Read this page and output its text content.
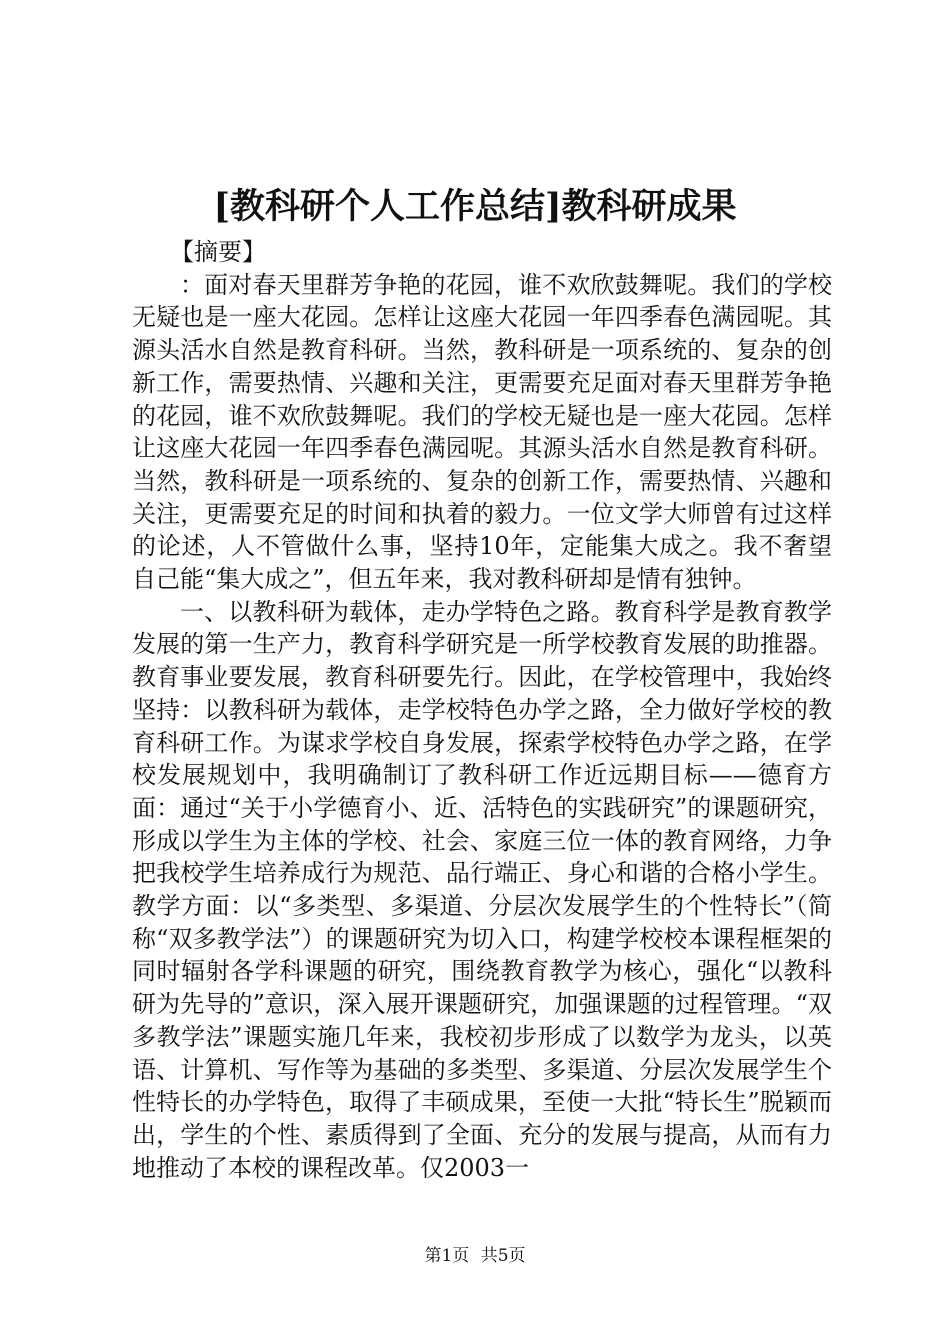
[教科研个人工作总结]教科研成果

【摘要】

：面对春天里群芳争艳的花园，谁不欢欣鼓舞呢。我们的学校无疑也是一座大花园。怎样让这座大花园一年四季春色满园呢。其源头活水自然是教育科研。当然，教科研是一项系统的、复杂的创新工作，需要热情、兴趣和关注，更需要充足面对春天里群芳争艳的花园，谁不欢欣鼓舞呢。我们的学校无疑也是一座大花园。怎样让这座大花园一年四季春色满园呢。其源头活水自然是教育科研。当然，教科研是一项系统的、复杂的创新工作，需要热情、兴趣和关注，更需要充足的时间和执着的毅力。一位文学大师曾有过这样的论述，人不管做什么事，坚持10年，定能集大成之。我不奢望自己能“集大成之”，但五年来，我对教科研却是情有独钟。

一、以教科研为载体，走办学特色之路。教育科学是教育教学发展的第一生产力，教育科学研究是一所学校教育发展的助推器。教育事业要发展，教育科研要先行。因此，在学校管理中，我始终坚持：以教科研为载体，走学校特色办学之路，全力做好学校的教育科研工作。为谋求学校自身发展，探索学校特色办学之路，在学校发展规划中，我明确制订了教科研工作近远期目标——德育方面：通过“关于小学德育小、近、活特色的实践研究”的课题研究，形成以学生为主体的学校、社会、家庭三位一体的教育网络，力争把我校学生培养成行为规范、品行端正、身心和谐的合格小学生。教学方面：以“多类型、多渠道、分层次发展学生的个性特长”（简称“双多教学法”）的课题研究为切入口，构建学校校本课程框架的同时辐射各学科课题的研究，围绕教育教学为核心，强化“以教科研为先导的”意识，深入展开课题研究，加强课题的过程管理。“双多教学法”课题实施几年来，我校初步形成了以数学为龙头，以英语、计算机、写作等为基础的多类型、多渠道、分层次发展学生个性特长的办学特色，取得了丰硕成果，至使一大批“特长生”脱颖而出，学生的个性、素质得到了全面、充分的发展与提高，从而有力地推动了本校的课程改革。仅2003一

第1页 共5页
